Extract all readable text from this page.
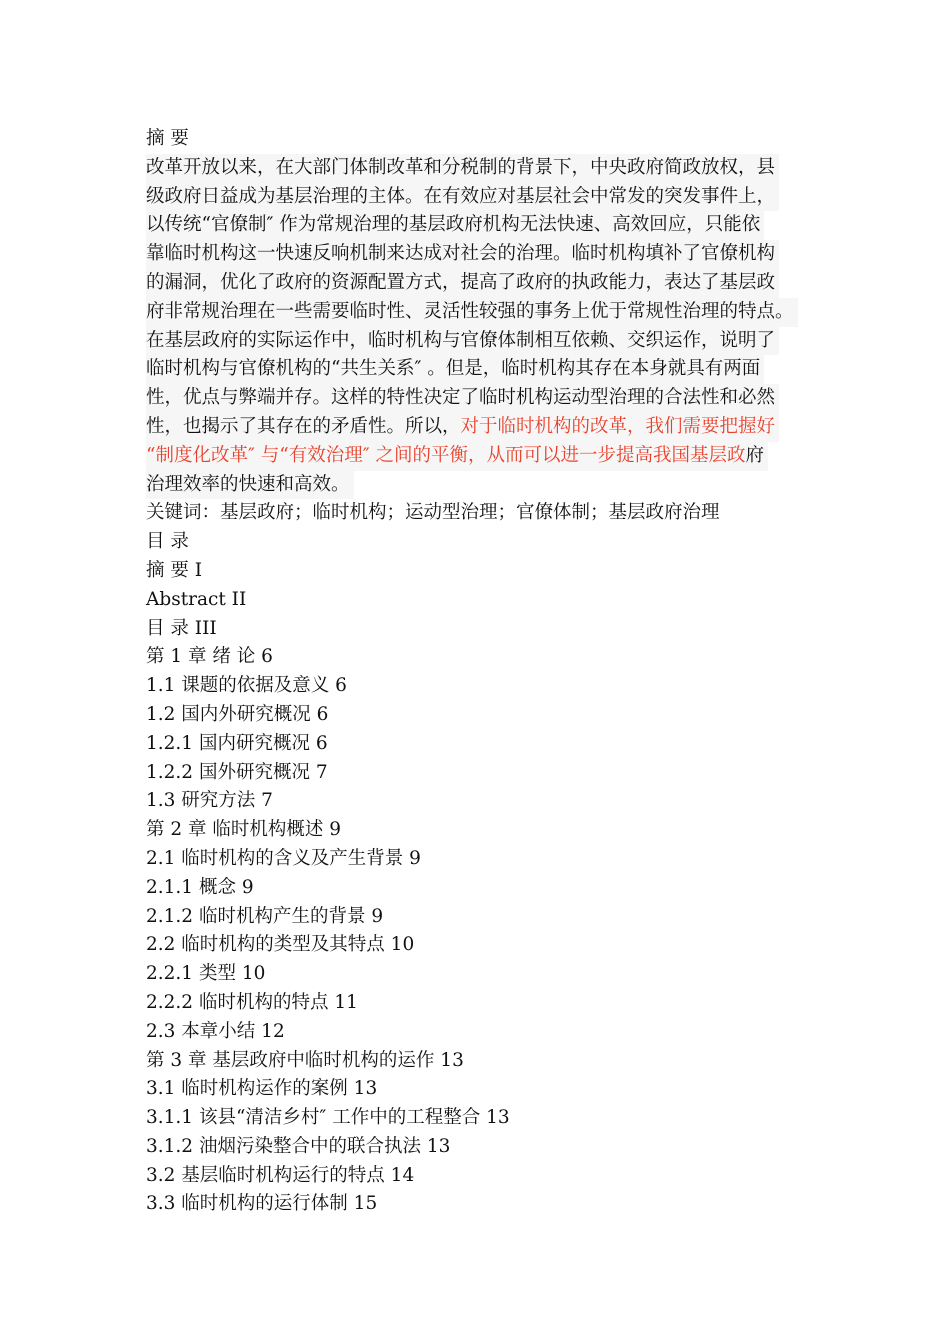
摘 要
改革开放以来，在大部门体制改革和分税制的背景下，中央政府简政放权，县
级政府日益成为基层治理的主体。在有效应对基层社会中常发的突发事件上，
以传统“官僚制″ 作为常规治理的基层政府机构无法快速、高效回应，只能依
靠临时机构这一快速反响机制来达成对社会的治理。临时机构填补了官僚机构
的漏洞，优化了政府的资源配置方式，提高了政府的执政能力，表达了基层政
府非常规治理在一些需要临时性、灵活性较强的事务上优于常规性治理的特点。
在基层政府的实际运作中，临时机构与官僚体制相互依赖、交织运作，说明了
临时机构与官僚机构的“共生关系″ 。但是，临时机构其存在本身就具有两面
性，优点与弊端并存。这样的特性决定了临时机构运动型治理的合法性和必然
性，也揭示了其存在的矛盾性。所以，对于临时机构的改革，我们需要把握好
“制度化改革″ 与“有效治理″ 之间的平衡，从而可以进一步提高我国基层政府
治理效率的快速和高效。
关键词：基层政府；临时机构；运动型治理；官僚体制；基层政府治理
目 录
摘 要 I
Abstract II
目 录 III
第 1 章 绪 论 6
1.1 课题的依据及意义 6
1.2 国内外研究概况 6
1.2.1 国内研究概况 6
1.2.2 国外研究概况 7
1.3 研究方法 7
第 2 章 临时机构概述 9
2.1 临时机构的含义及产生背景 9
2.1.1 概念 9
2.1.2 临时机构产生的背景 9
2.2 临时机构的类型及其特点 10
2.2.1 类型 10
2.2.2 临时机构的特点 11
2.3 本章小结 12
第 3 章 基层政府中临时机构的运作 13
3.1 临时机构运作的案例 13
3.1.1 该县“清洁乡村″ 工作中的工程整合 13
3.1.2 油烟污染整合中的联合执法 13
3.2 基层临时机构运行的特点 14
3.3 临时机构的运行体制 15
